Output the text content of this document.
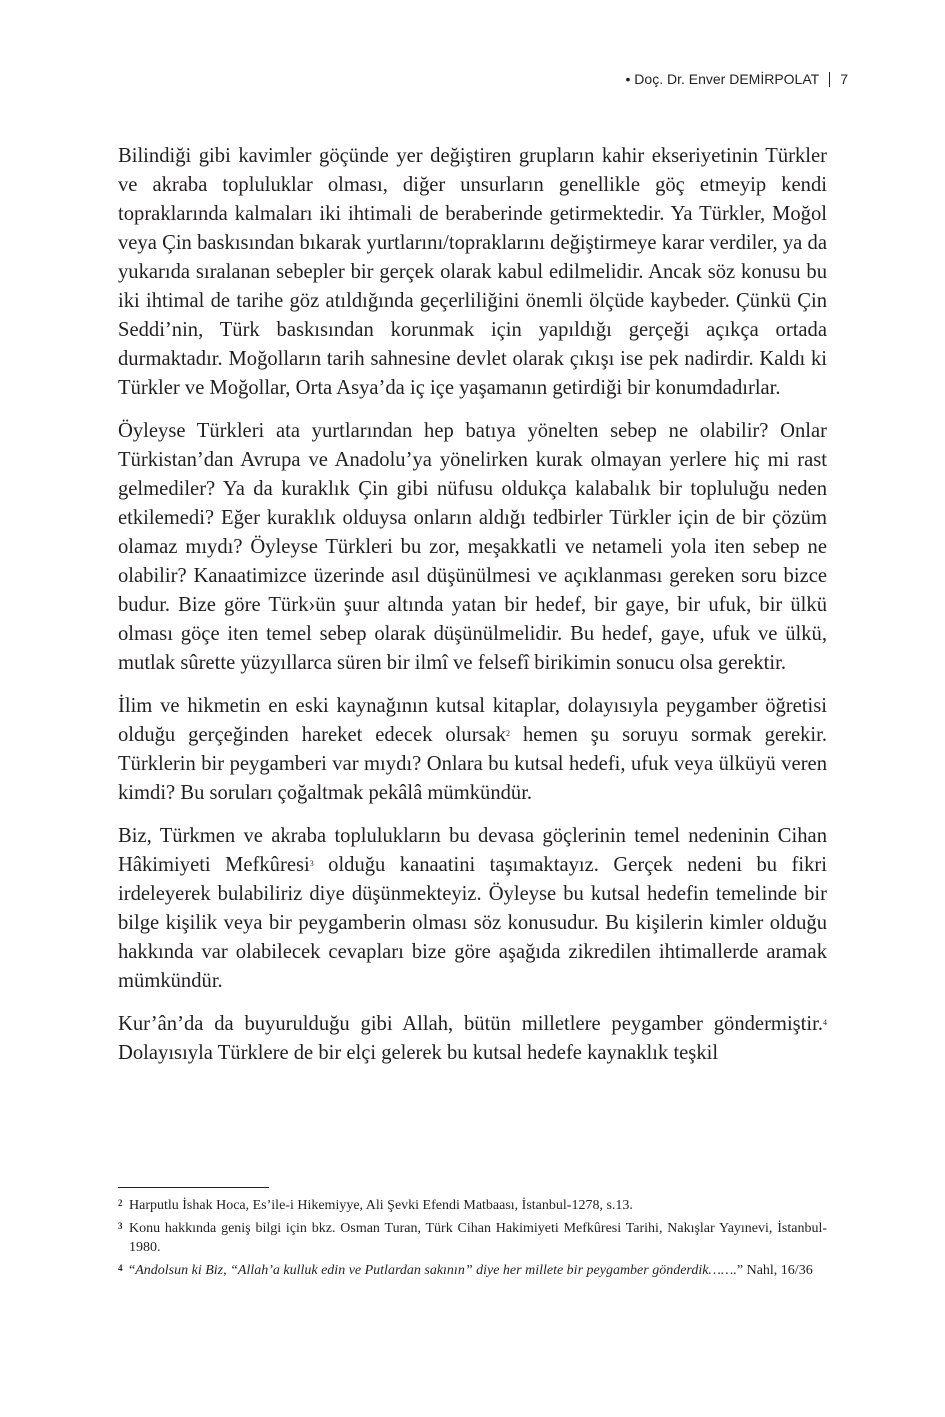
• Doç. Dr. Enver DEMİRPOLAT 7

Bilindiği gibi kavimler göçünde yer değiştiren grupların kahir ekseriyetinin Türkler ve akraba topluluklar olması, diğer unsurların genellikle göç etmeyip kendi topraklarında kalmaları iki ihtimali de beraberinde getirmektedir. Ya Türkler, Moğol veya Çin baskısından bıkarak yurtlarını/topraklarını değiştirmeye karar verdiler, ya da yukarıda sıralanan sebepler bir gerçek olarak kabul edilmelidir. Ancak söz konusu bu iki ihtimal de tarihe göz atıldığında geçerliliğini önemli ölçüde kaybeder. Çünkü Çin Seddi’nin, Türk baskısından korunmak için yapıldığı gerçeği açıkça ortada durmaktadır. Moğolların tarih sahnesine devlet olarak çıkışı ise pek nadirdir. Kaldı ki Türkler ve Moğollar, Orta Asya’da iç içe yaşamanın getirdiği bir konumdadırlar.

Öyleyse Türkleri ata yurtlarından hep batıya yönelten sebep ne olabilir? Onlar Türkistan’dan Avrupa ve Anadolu’ya yönelirken kurak olmayan yerlere hiç mi rast gelmediler? Ya da kuraklık Çin gibi nüfusu oldukça kalabalık bir topluluğu neden etkilemedi? Eğer kuraklık olduysa onların aldığı tedbirler Türkler için de bir çözüm olamaz mıydı? Öyleyse Türkleri bu zor, meşakkatli ve netameli yola iten sebep ne olabilir? Kanaatimizce üzerinde asıl düşünülmesi ve açıklanması gereken soru bizce budur. Bize göre Türk›ün şuur altında yatan bir hedef, bir gaye, bir ufuk, bir ülkü olması göçe iten temel sebep olarak düşünülmelidir. Bu hedef, gaye, ufuk ve ülkü, mutlak sûrette yüzyıllarca süren bir ilmî ve felsefî birikimin sonucu olsa gerektir.

İlim ve hikmetin en eski kaynağının kutsal kitaplar, dolayısıyla peygamber öğretisi olduğu gerçeğinden hareket edecek olursak$^2$ hemen şu soruyu sormak gerekir. Türklerin bir peygamberi var mıydı? Onlara bu kutsal hedefi, ufuk veya ülküyü veren kimdi? Bu soruları çoğaltmak pekâlâ mümkündür.

Biz, Türkmen ve akraba toplulukların bu devasa göçlerinin temel nedeninin Cihan Hâkimiyeti Mefkûresi$^3$ olduğu kanaatini taşımaktayız. Gerçek nedeni bu fikri irdeleyerek bulabiliriz diye düşünmekteyiz. Öyleyse bu kutsal hedefin temelinde bir bilge kişilik veya bir peygamberin olması söz konusudur. Bu kişilerin kimler olduğu hakkında var olabilecek cevapları bize göre aşağıda zikredilen ihtimallerde aramak mümkündür.

Kur’ân’da da buyurulduğu gibi Allah, bütün milletlere peygamber göndermiştir.$^4$ Dolayısıyla Türklere de bir elçi gelerek bu kutsal hedefe kaynaklık teşkil

2 Harputlu İshak Hoca, Es’ile-i Hikemiyye, Ali Şevki Efendi Matbaası, İstanbul-1278, s.13.
3 Konu hakkında geniş bilgi için bkz. Osman Turan, Türk Cihan Hakimiyeti Mefkûresi Tarihi, Nakışlar Yayınevi, İstanbul-1980.
4 “Andolsun ki Biz, “Allah’a kulluk edin ve Putlardan sakının” diye her millete bir peygamber gönderdik…….” Nahl, 16/36
